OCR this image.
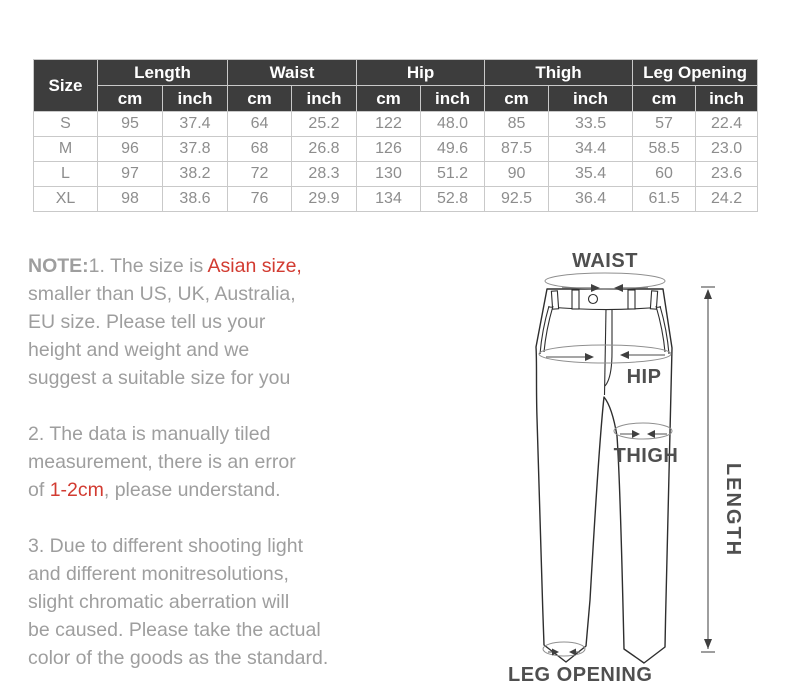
Size	Length		Waist		Hip		Thigh		Leg Opening	
	cm	inch	cm	inch	cm	inch	cm	inch	cm	inch
S	95	37.4	64	25.2	122	48.0	85	33.5	57	22.4
M	96	37.8	68	26.8	126	49.6	87.5	34.4	58.5	23.0
L	97	38.2	72	28.3	130	51.2	90	35.4	60	23.6
XL	98	38.6	76	29.9	134	52.8	92.5	36.4	61.5	24.2

NOTE:1. The size is Asian size,
smaller than US, UK, Australia,
EU size. Please tell us your
height and weight and we
suggest a suitable size for you

2. The data is manually tiled
measurement, there is an error
of 1-2cm, please understand.

3. Due to different shooting light
and different monitresolutions,
slight chromatic aberration will
be caused. Please take the actual
color of the goods as the standard.

WAIST
HIP
THIGH
LEG OPENING
LENGTH
